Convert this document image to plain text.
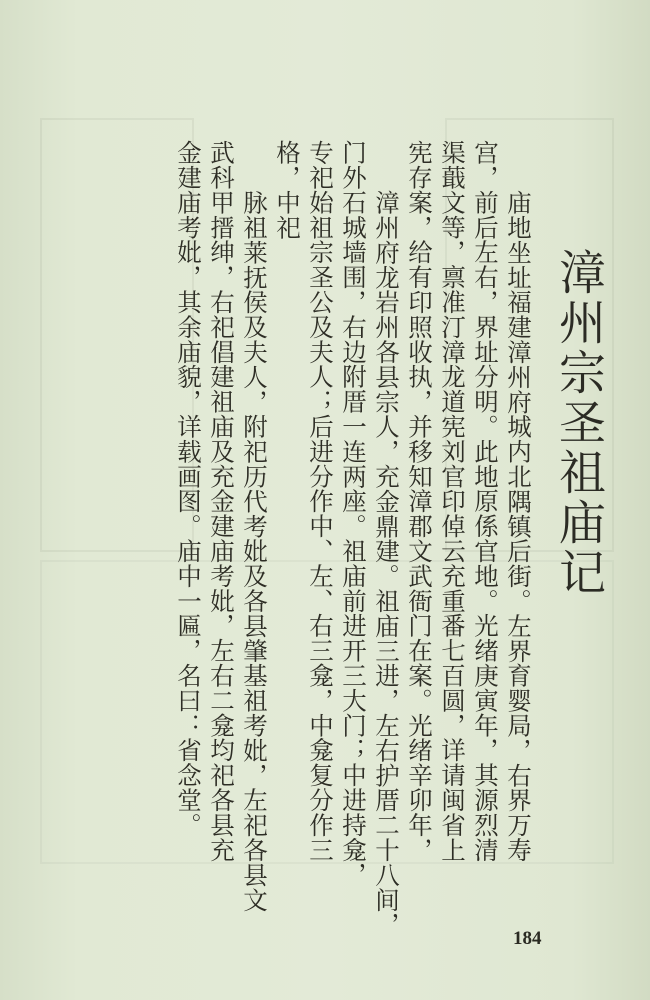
漳州宗圣祖庙记
庙地坐址福建漳州府城内北隅镇后街。左界育婴局，右界万寿
宫，前后左右，界址分明。此地原係官地。光绪庚寅年，其源烈清
渠蕺文等，禀准汀漳龙道宪刘官印倬云充重番七百圆，详请闽省上
宪存案，给有印照收执，并移知漳郡文武衙门在案。光绪辛卯年，
漳州府龙岩州各县宗人，充金鼎建。祖庙三进，左右护厝二十八间，
门外石城墙围，右边附厝一连两座。祖庙前进开三大门；中进持龛，
专祀始祖宗圣公及夫人；后进分作中、左、右三龛，中龛复分作三
格，中祀
脉祖莱抚侯及夫人，附祀历代考妣及各县肇基祖考妣，左祀各县文
武科甲搢绅，右祀倡建祖庙及充金建庙考妣，左右二龛均祀各县充
金建庙考妣，其余庙貌，详载画图。庙中一匾，名曰：省念堂。
184
